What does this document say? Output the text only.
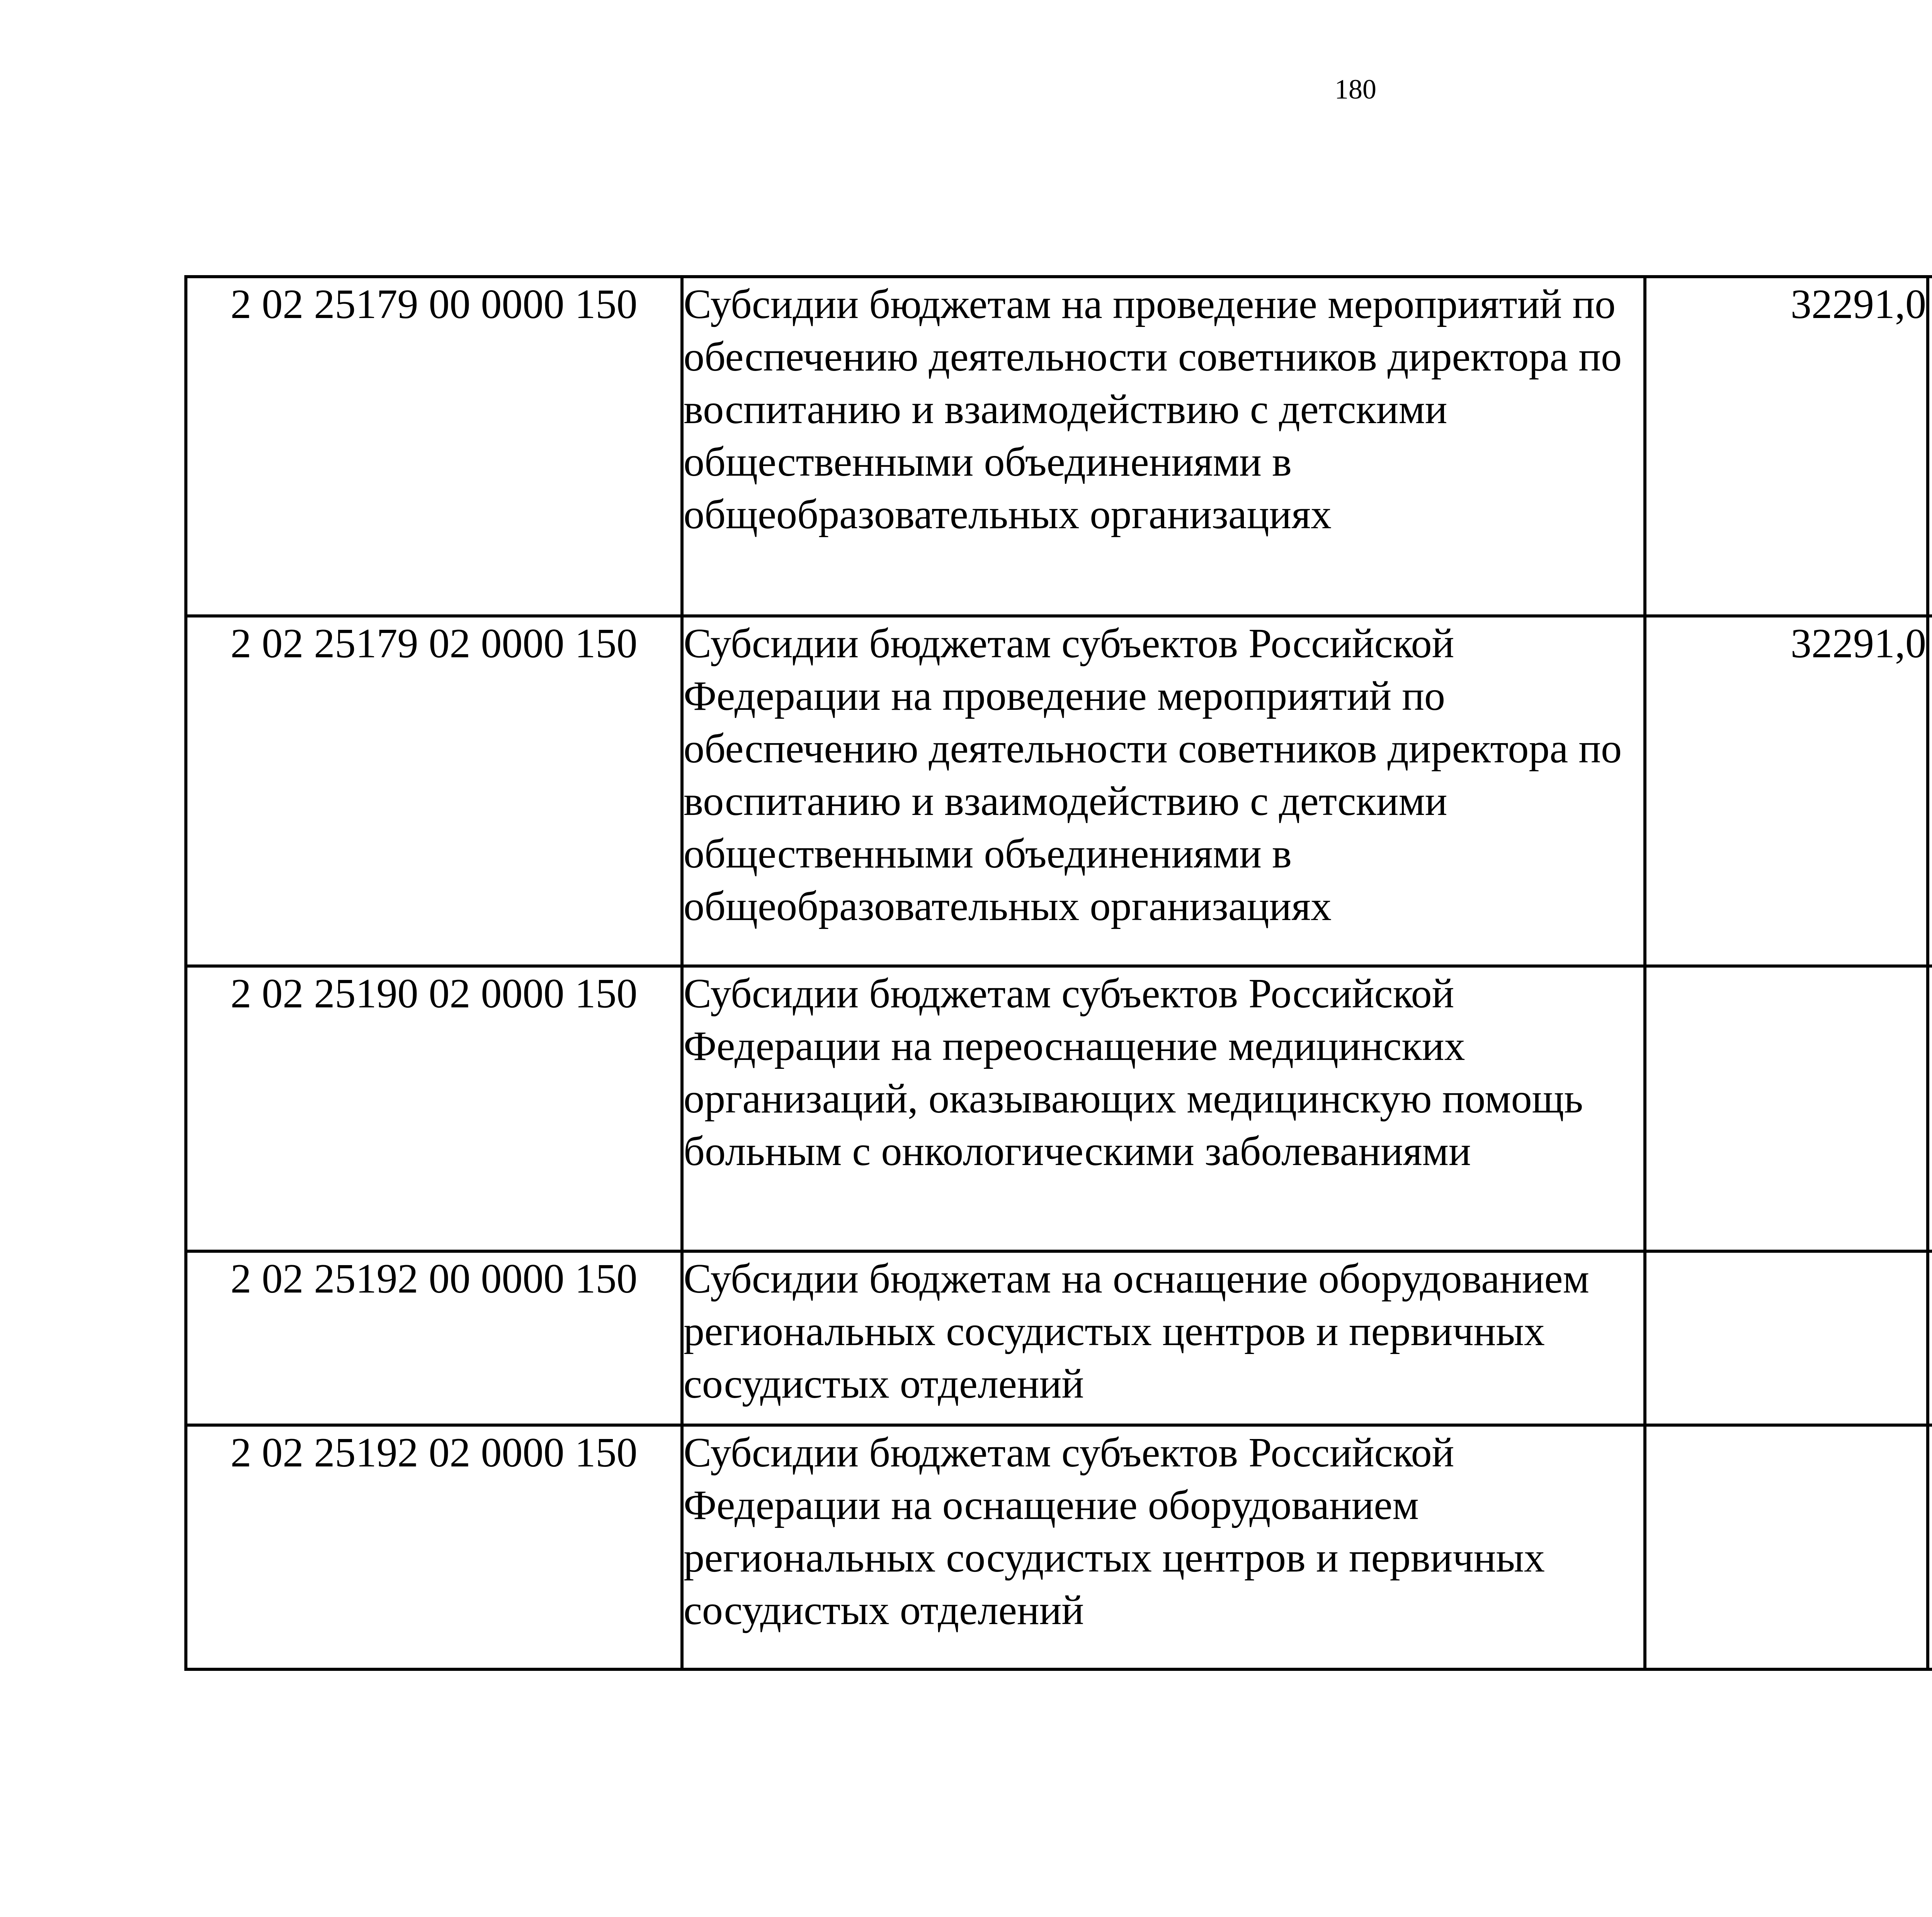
180
2 02 25179 00 0000 150	Субсидии бюджетам на проведение мероприятий по обеспечению деятельности советников директора по воспитанию и взаимодействию с детскими общественными объединениями в общеобразовательных организациях	32291,0		
2 02 25179 02 0000 150	Субсидии бюджетам субъектов Российской Федерации на проведение мероприятий по обеспечению деятельности советников директора по воспитанию и взаимодействию с детскими общественными объединениями в общеобразовательных организациях	32291,0		
2 02 25190 02 0000 150	Субсидии бюджетам субъектов Российской Федерации на переоснащение медицинских организаций, оказывающих медицинскую помощь больным с онкологическими заболеваниями			
2 02 25192 00 0000 150	Субсидии бюджетам на оснащение оборудованием региональных сосудистых центров и первичных сосудистых отделений			
2 02 25192 02 0000 150	Субсидии бюджетам субъектов Российской Федерации на оснащение оборудованием региональных сосудистых центров и первичных сосудистых отделений			
